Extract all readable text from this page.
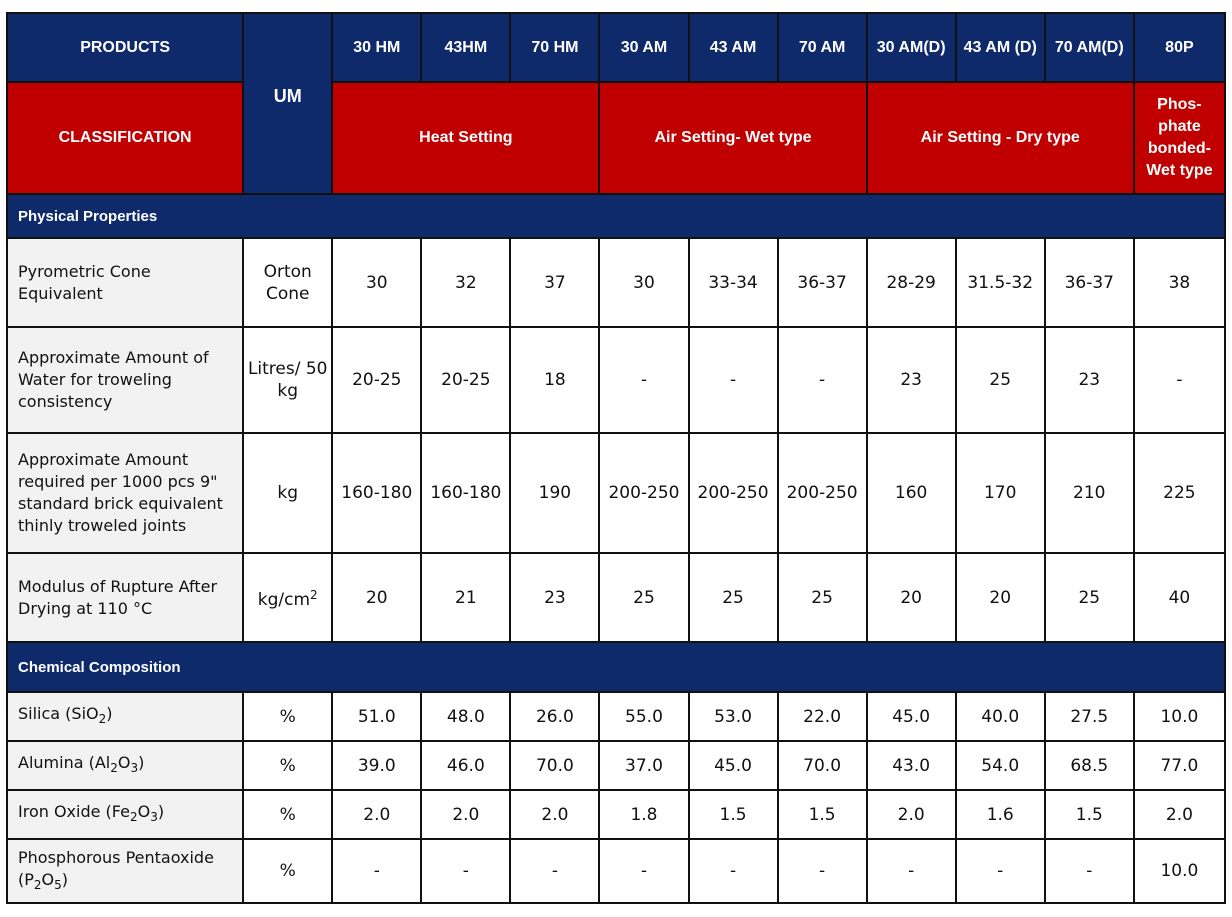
PRODUCTS	UM	30 HM	43HM	70 HM	30 AM	43 AM	70 AM	30 AM(D)	43 AM (D)	70 AM(D)	80P
CLASSIFICATION		Heat Setting			Air Setting- Wet type			Air Setting - Dry type			Phos-phate bonded-Wet type
Physical Properties											
Pyrometric Cone Equivalent	Orton Cone	30	32	37	30	33-34	36-37	28-29	31.5-32	36-37	38
Approximate Amount of Water for troweling consistency	Litres/ 50 kg	20-25	20-25	18	-	-	-	23	25	23	-
Approximate Amount required per 1000 pcs 9" standard brick equivalent thinly troweled joints	kg	160-180	160-180	190	200-250	200-250	200-250	160	170	210	225
Modulus of Rupture After Drying at 110 °C	$kg/cm^2$	20	21	23	25	25	25	20	20	25	40
Chemical Composition											
Silica (SiO$_2$)	%	51.0	48.0	26.0	55.0	53.0	22.0	45.0	40.0	27.5	10.0
Alumina $(Al_2O_3)$	%	39.0	46.0	70.0	37.0	45.0	70.0	43.0	54.0	68.5	77.0
Iron Oxide $(Fe_2O_3)$	%	2.0	2.0	2.0	1.8	1.5	1.5	2.0	1.6	1.5	2.0
Phosphorous Pentaoxide $(P_2O_5)$	%	-	-	-	-	-	-	-	-	-	10.0
